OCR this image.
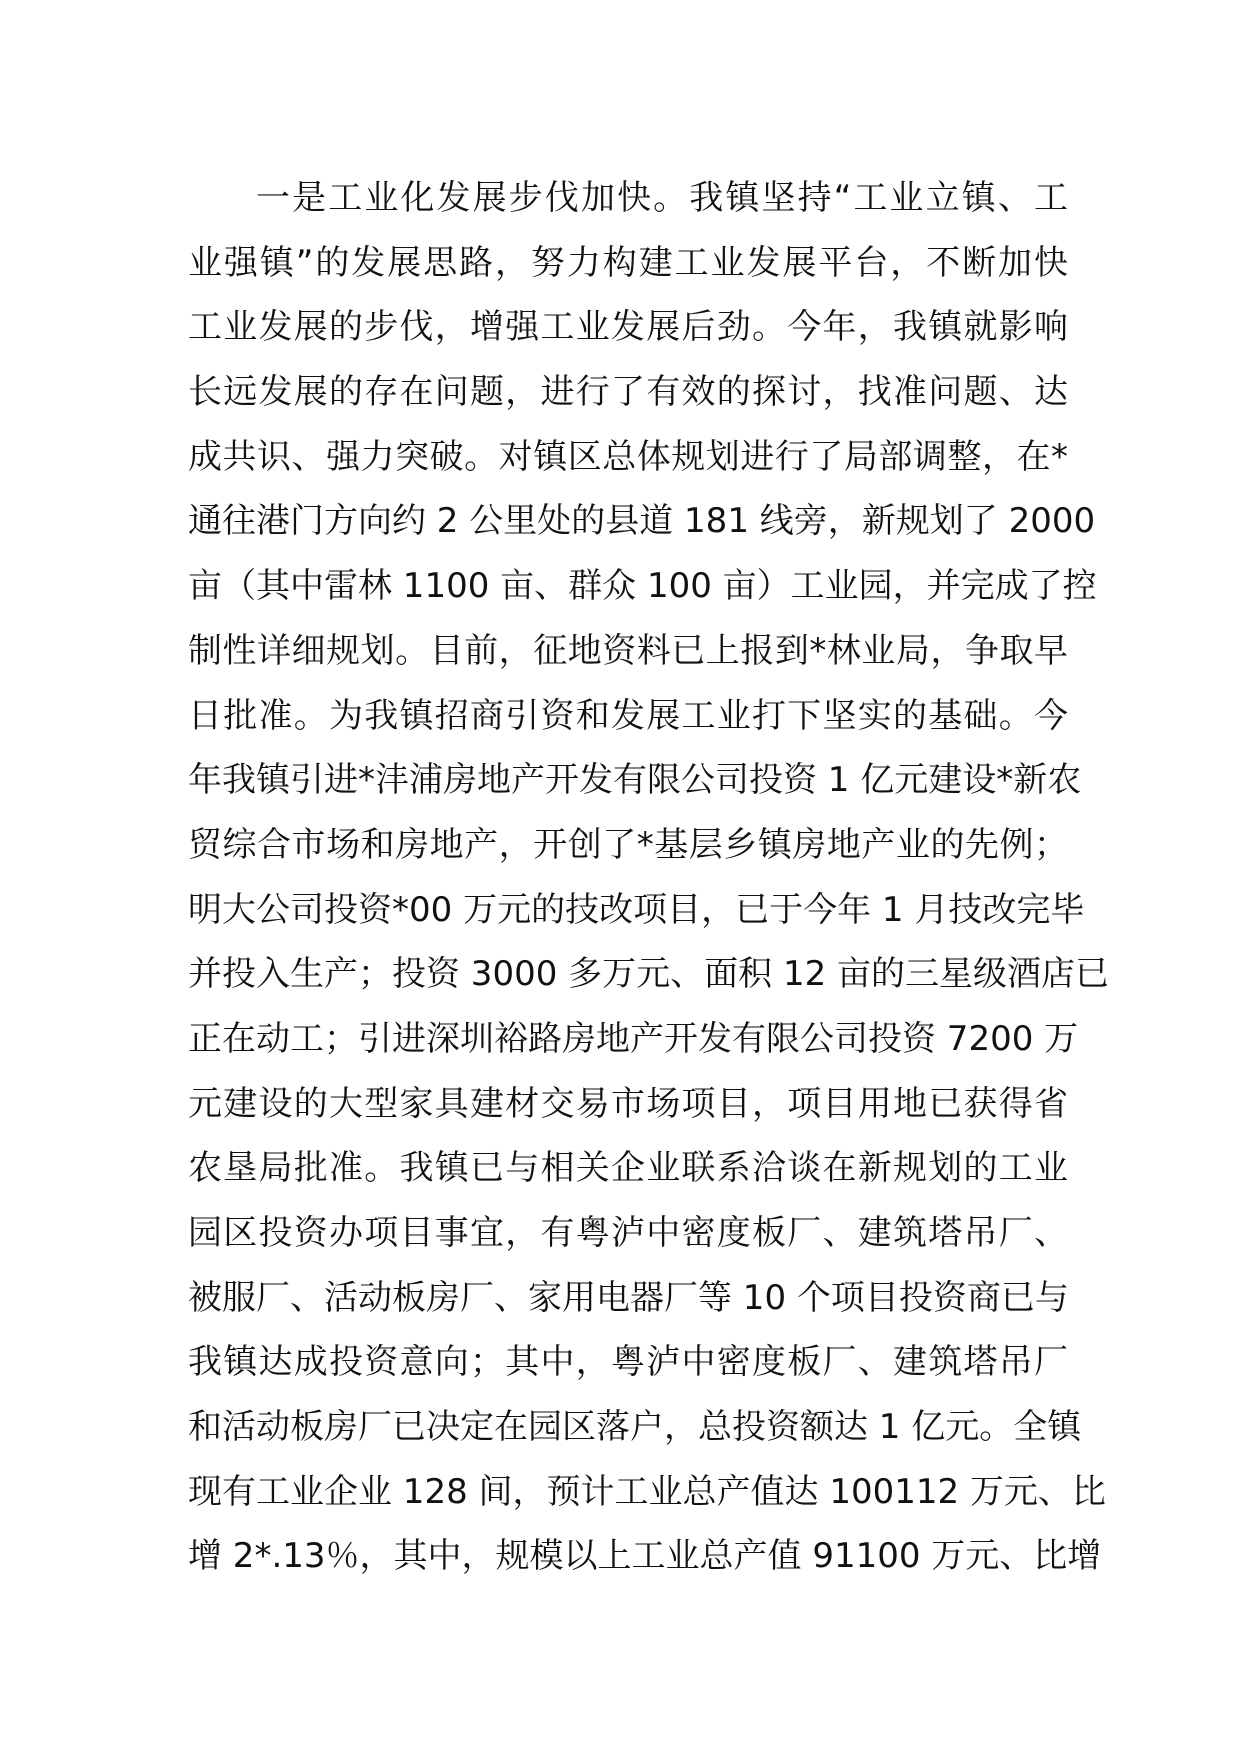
一是工业化发展步伐加快。我镇坚持“工业立镇、工
业强镇”的发展思路，努力构建工业发展平台，不断加快
工业发展的步伐，增强工业发展后劲。今年，我镇就影响
长远发展的存在问题，进行了有效的探讨，找准问题、达
成共识、强力突破。对镇区总体规划进行了局部调整，在*
通往港门方向约 2 公里处的县道 181 线旁，新规划了 2000
亩（其中雷林 1100 亩、群众 100 亩）工业园，并完成了控
制性详细规划。目前，征地资料已上报到*林业局，争取早
日批准。为我镇招商引资和发展工业打下坚实的基础。今
年我镇引进*沣浦房地产开发有限公司投资 1 亿元建设*新农
贸综合市场和房地产，开创了*基层乡镇房地产业的先例；
明大公司投资*00 万元的技改项目，已于今年 1 月技改完毕
并投入生产；投资 3000 多万元、面积 12 亩的三星级酒店已
正在动工；引进深圳裕路房地产开发有限公司投资 7200 万
元建设的大型家具建材交易市场项目，项目用地已获得省
农垦局批准。我镇已与相关企业联系洽谈在新规划的工业
园区投资办项目事宜，有粤泸中密度板厂、建筑塔吊厂、
被服厂、活动板房厂、家用电器厂等 10 个项目投资商已与
我镇达成投资意向；其中，粤泸中密度板厂、建筑塔吊厂
和活动板房厂已决定在园区落户，总投资额达 1 亿元。全镇
现有工业企业 128 间，预计工业总产值达 100112 万元、比
增 2*.13％，其中，规模以上工业总产值 91100 万元、比增
